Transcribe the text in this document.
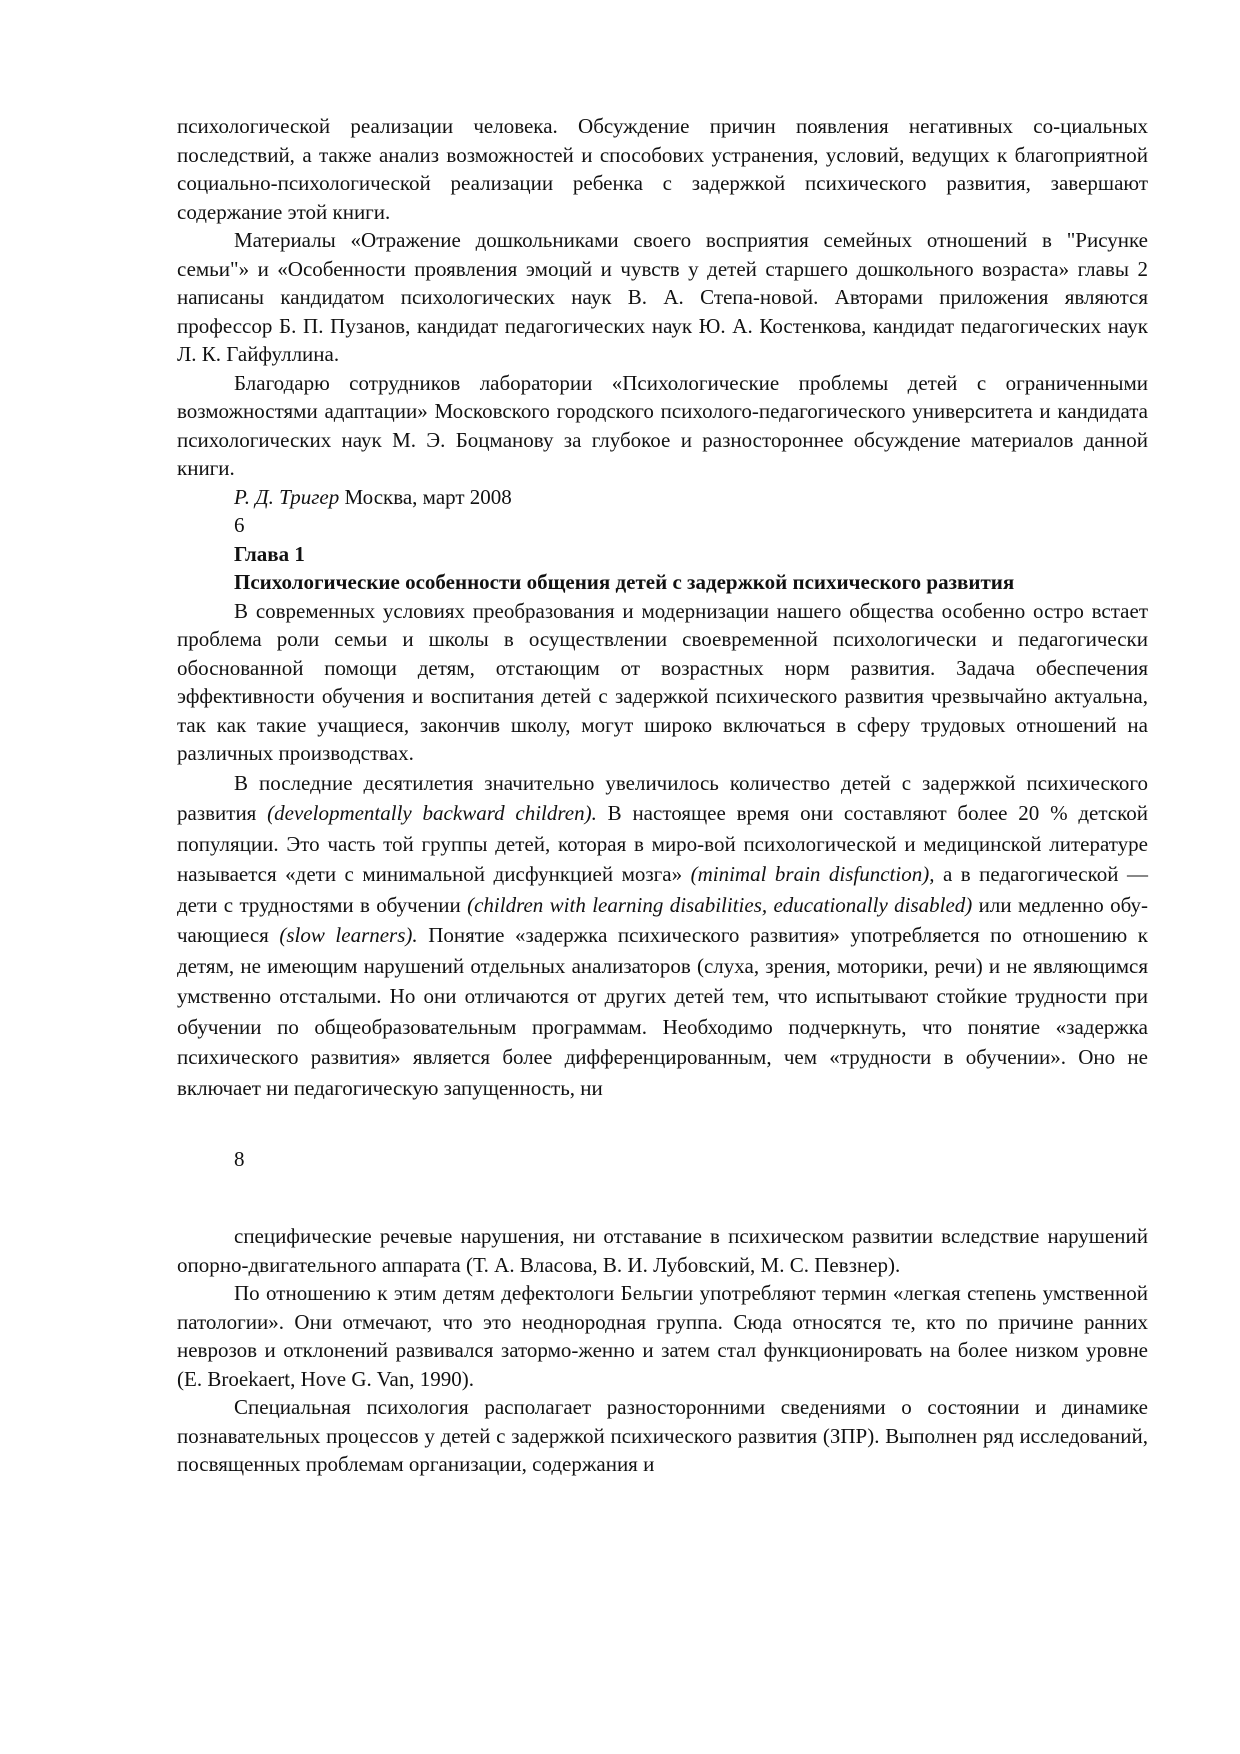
психологической реализации человека. Обсуждение причин появления негативных со-циальных последствий, а также анализ возможностей и способових устранения, условий, ведущих к благоприятной социально-психологической реализации ребенка с задержкой психического развития, завершают содержание этой книги.

Материалы «Отражение дошкольниками своего восприятия семейных отношений в "Рисунке семьи"» и «Особенности проявления эмоций и чувств у детей старшего дошкольного возраста» главы 2 написаны кандидатом психологических наук В. А. Степа-новой. Авторами приложения являются профессор Б. П. Пузанов, кандидат педагогических наук Ю. А. Костенкова, кандидат педагогических наук Л. К. Гайфуллина.

Благодарю сотрудников лаборатории «Психологические проблемы детей с ограниченными возможностями адаптации» Московского городского психолого-педагогического университета и кандидата психологических наук М. Э. Боцманову за глубокое и разностороннее обсуждение материалов данной книги.

Р. Д. Тригер Москва, март 2008

6

Глава 1

Психологические особенности общения детей с задержкой психического развития

В современных условиях преобразования и модернизации нашего общества особенно остро встает проблема роли семьи и школы в осуществлении своевременной психологически и педагогически обоснованной помощи детям, отстающим от возрастных норм развития. Задача обеспечения эффективности обучения и воспитания детей с задержкой психического развития чрезвычайно актуальна, так как такие учащиеся, закончив школу, могут широко включаться в сферу трудовых отношений на различных производствах.

В последние десятилетия значительно увеличилось количество детей с задержкой психического развития (developmentally backward children). В настоящее время они составляют более 20 % детской популяции. Это часть той группы детей, которая в миро-вой психологической и медицинской литературе называется «дети с минимальной дисфункцией мозга» (minimal brain disfunction), а в педагогической — дети с трудностями в обучении (children with learning disabilities, educationally disabled) или медленно обу-чающиеся (slow learners). Понятие «задержка психического развития» употребляется по отношению к детям, не имеющим нарушений отдельных анализаторов (слуха, зрения, моторики, речи) и не являющимся умственно отсталыми. Но они отличаются от других детей тем, что испытывают стойкие трудности при обучении по общеобразовательным программам. Необходимо подчеркнуть, что понятие «задержка психического развития» является более дифференцированным, чем «трудности в обучении». Оно не включает ни педагогическую запущенность, ни

8

специфические речевые нарушения, ни отставание в психическом развитии вследствие нарушений опорно-двигательного аппарата (Т. А. Власова, В. И. Лубовский, М. С. Певзнер).

По отношению к этим детям дефектологи Бельгии употребляют термин «легкая степень умственной патологии». Они отмечают, что это неоднородная группа. Сюда относятся те, кто по причине ранних неврозов и отклонений развивался затормо-женно и затем стал функционировать на более низком уровне (E. Broekaert, Hove G. Van, 1990).

Специальная психология располагает разносторонними сведениями о состоянии и динамике познавательных процессов у детей с задержкой психического развития (ЗПР). Выполнен ряд исследований, посвященных проблемам организации, содержания и
